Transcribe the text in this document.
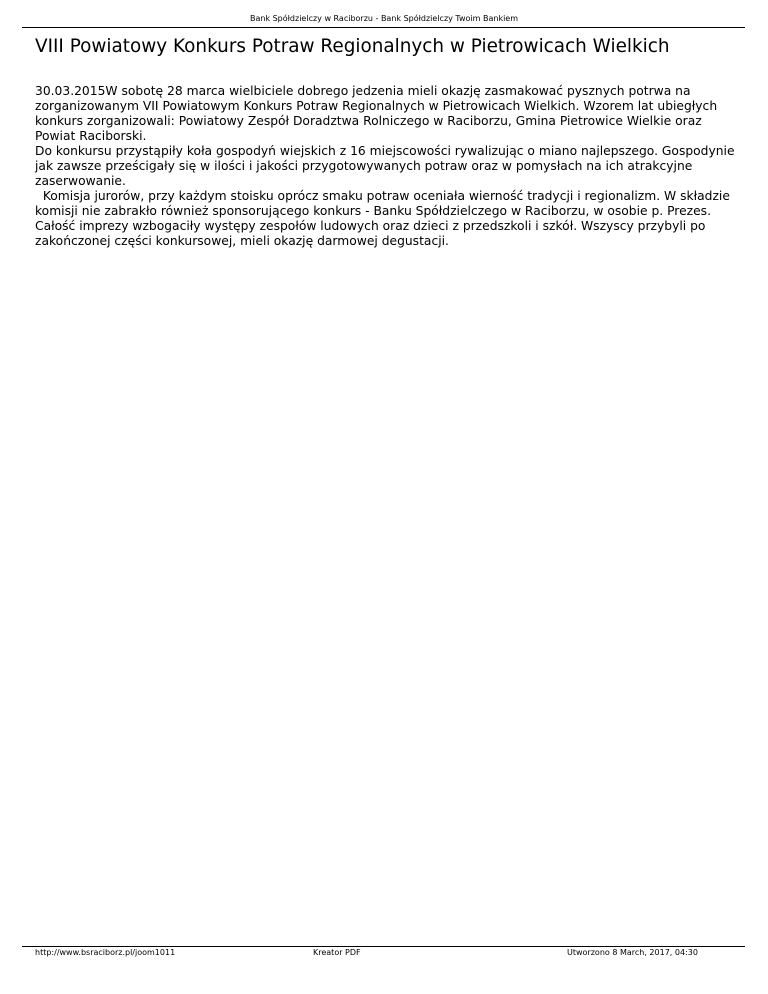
Bank Spółdzielczy w Raciborzu - Bank Spółdzielczy Twoim Bankiem
VIII Powiatowy Konkurs Potraw Regionalnych w Pietrowicach Wielkich

30.03.2015W sobotę 28 marca wielbiciele dobrego jedzenia mieli okazję zasmakować pysznych potrwa na zorganizowanym VII Powiatowym Konkurs Potraw Regionalnych w Pietrowicach Wielkich. Wzorem lat ubiegłych konkurs zorganizowali: Powiatowy Zespół Doradztwa Rolniczego w Raciborzu, Gmina Pietrowice Wielkie oraz Powiat Raciborski.

Do konkursu przystąpiły koła gospodyń wiejskich z 16 miejscowości rywalizując o miano najlepszego. Gospodynie jak zawsze prześcigały się w ilości i jakości przygotowywanych potraw oraz w pomysłach na ich atrakcyjne zaserwowanie.

Komisja jurorów, przy każdym stoisku oprócz smaku potraw oceniała wierność tradycji i regionalizm. W składzie komisji nie zabrakło również sponsorującego konkurs - Banku Spółdzielczego w Raciborzu, w osobie p. Prezes.   Całość imprezy wzbogaciły występy zespołów ludowych oraz dzieci z przedszkoli i szkół. Wszyscy przybyli po zakończonej części konkursowej, mieli okazję darmowej degustacji.

http://www.bsraciborz.pl/joom1011	Kreator PDF	Utworzono 8 March, 2017, 04:30
